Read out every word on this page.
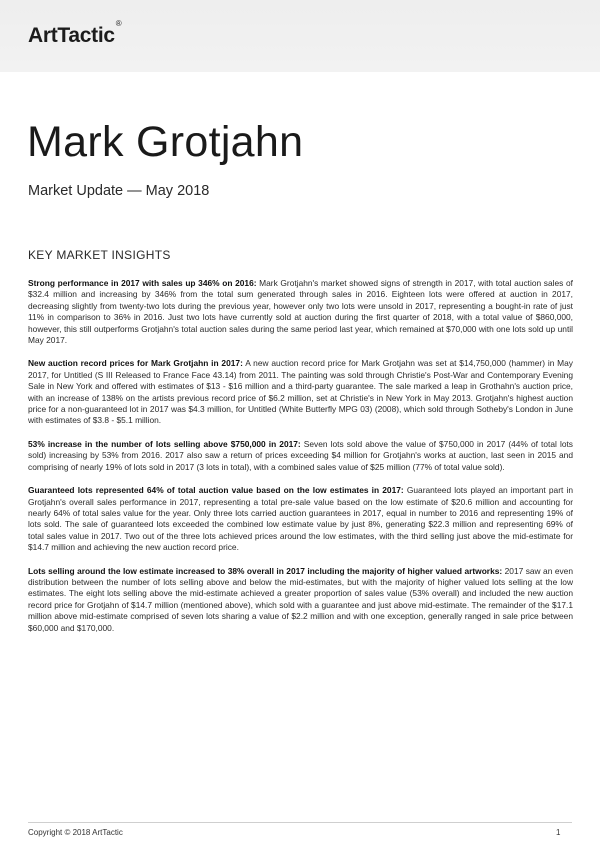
ArtTactic®
Mark Grotjahn
Market Update — May 2018
KEY MARKET INSIGHTS

Strong performance in 2017 with sales up 346% on 2016: Mark Grotjahn's market showed signs of strength in 2017, with total auction sales of $32.4 million and increasing by 346% from the total sum generated through sales in 2016. Eighteen lots were offered at auction in 2017, decreasing slightly from twenty-two lots during the previous year, however only two lots were unsold in 2017, representing a bought-in rate of just 11% in comparison to 36% in 2016. Just two lots have currently sold at auction during the first quarter of 2018, with a total value of $860,000, however, this still outperforms Grotjahn's total auction sales during the same period last year, which remained at $70,000 with one lots sold up until May 2017.

New auction record prices for Mark Grotjahn in 2017: A new auction record price for Mark Grotjahn was set at $14,750,000 (hammer) in May 2017, for Untitled (S III Released to France Face 43.14) from 2011. The painting was sold through Christie's Post-War and Contemporary Evening Sale in New York and offered with estimates of $13 - $16 million and a third-party guarantee. The sale marked a leap in Grothahn's auction price, with an increase of 138% on the artists previous record price of $6.2 million, set at Christie's in New York in May 2013. Grotjahn's highest auction price for a non-guaranteed lot in 2017 was $4.3 million, for Untitled (White Butterfly MPG 03) (2008), which sold through Sotheby's London in June with estimates of $3.8 - $5.1 million.

53% increase in the number of lots selling above $750,000 in 2017: Seven lots sold above the value of $750,000 in 2017 (44% of total lots sold) increasing by 53% from 2016. 2017 also saw a return of prices exceeding $4 million for Grotjahn's works at auction, last seen in 2015 and comprising of nearly 19% of lots sold in 2017 (3 lots in total), with a combined sales value of $25 million (77% of total value sold).

Guaranteed lots represented 64% of total auction value based on the low estimates in 2017: Guaranteed lots played an important part in Grotjahn's overall sales performance in 2017, representing a total pre-sale value based on the low estimate of $20.6 million and accounting for nearly 64% of total sales value for the year. Only three lots carried auction guarantees in 2017, equal in number to 2016 and representing 19% of lots sold. The sale of guaranteed lots exceeded the combined low estimate value by just 8%, generating $22.3 million and representing 69% of total sales value in 2017. Two out of the three lots achieved prices around the low estimates, with the third selling just above the mid-estimate for $14.7 million and achieving the new auction record price.

Lots selling around the low estimate increased to 38% overall in 2017 including the majority of higher valued artworks: 2017 saw an even distribution between the number of lots selling above and below the mid-estimates, but with the majority of higher valued lots selling at the low estimates. The eight lots selling above the mid-estimate achieved a greater proportion of sales value (53% overall) and included the new auction record price for Grotjahn of $14.7 million (mentioned above), which sold with a guarantee and just above mid-estimate. The remainder of the $17.1 million above mid-estimate comprised of seven lots sharing a value of $2.2 million and with one exception, generally ranged in sale price between $60,000 and $170,000.

Copyright © 2018 ArtTactic	1
